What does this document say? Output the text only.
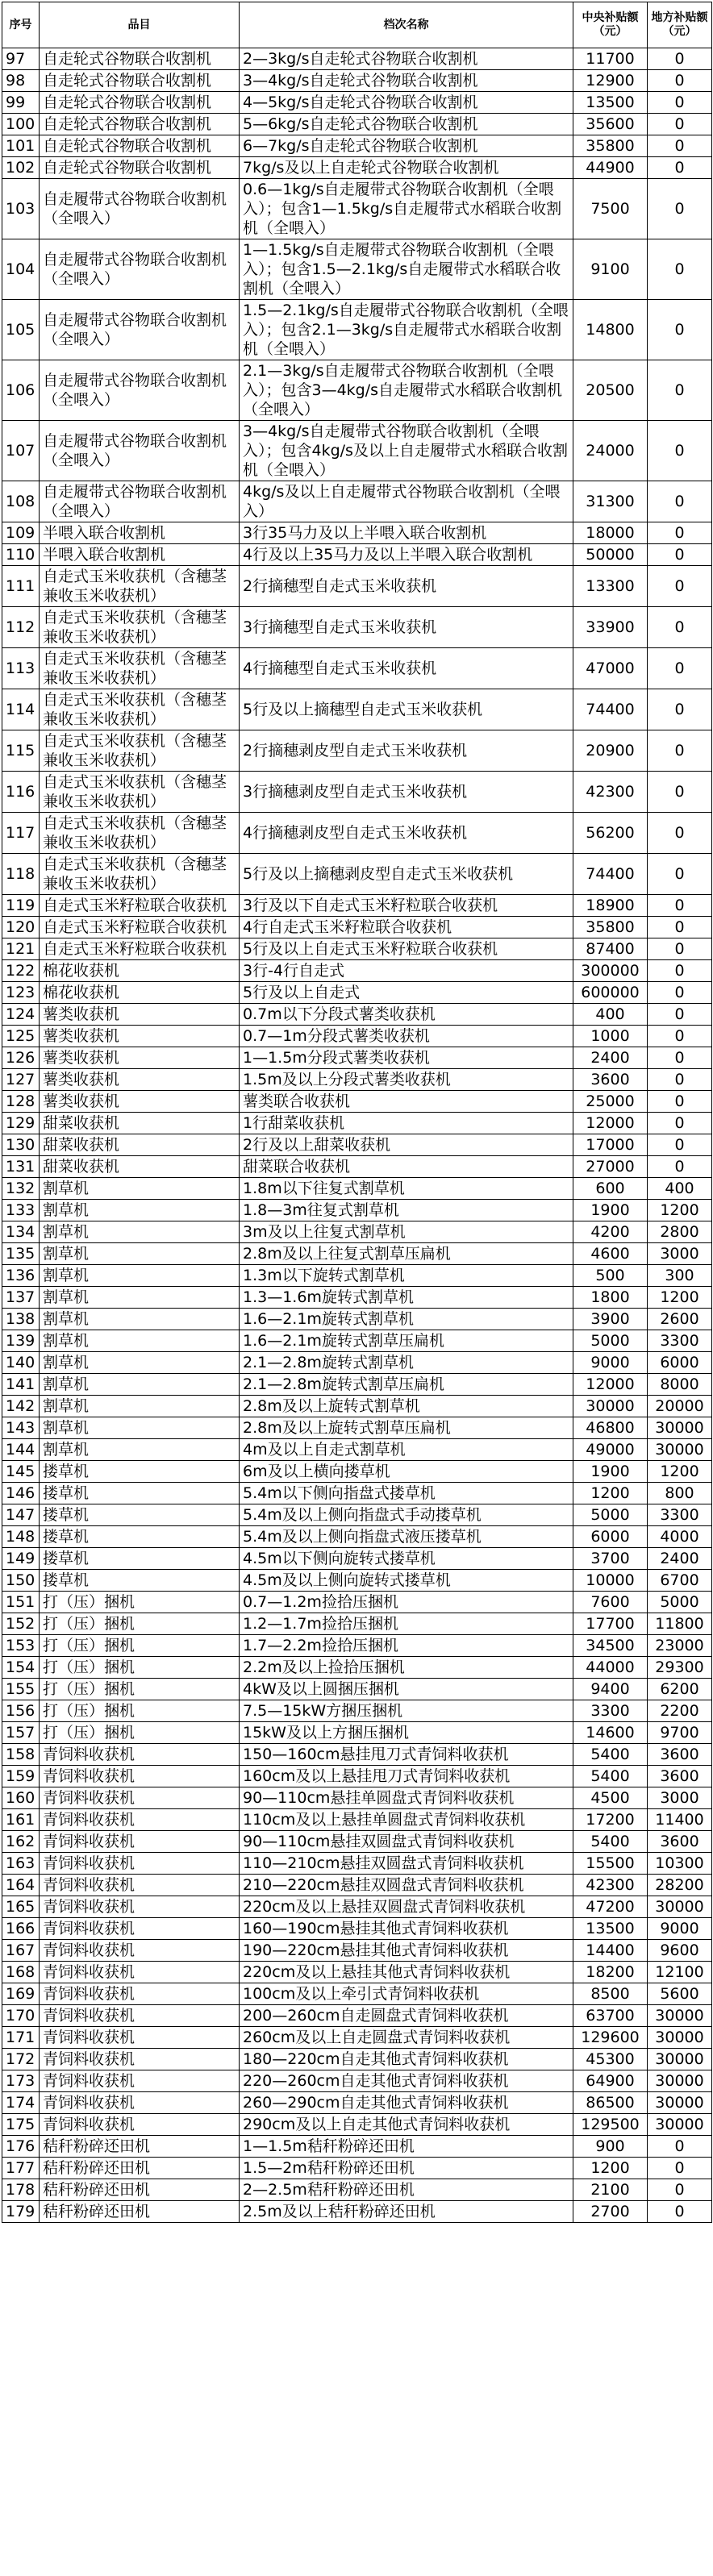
序号	品目	档次名称	中央补贴额（元）	地方补贴额（元）
97	自走轮式谷物联合收割机	2—3kg/s自走轮式谷物联合收割机	11700	0
98	自走轮式谷物联合收割机	3—4kg/s自走轮式谷物联合收割机	12900	0
99	自走轮式谷物联合收割机	4—5kg/s自走轮式谷物联合收割机	13500	0
100	自走轮式谷物联合收割机	5—6kg/s自走轮式谷物联合收割机	35600	0
101	自走轮式谷物联合收割机	6—7kg/s自走轮式谷物联合收割机	35800	0
102	自走轮式谷物联合收割机	7kg/s及以上自走轮式谷物联合收割机	44900	0
103	自走履带式谷物联合收割机（全喂入）	0.6—1kg/s自走履带式谷物联合收割机（全喂入）；包含1—1.5kg/s自走履带式水稻联合收割机（全喂入）	7500	0
104	自走履带式谷物联合收割机（全喂入）	1—1.5kg/s自走履带式谷物联合收割机（全喂入）；包含1.5—2.1kg/s自走履带式水稻联合收割机（全喂入）	9100	0
105	自走履带式谷物联合收割机（全喂入）	1.5—2.1kg/s自走履带式谷物联合收割机（全喂入）；包含2.1—3kg/s自走履带式水稻联合收割机（全喂入）	14800	0
106	自走履带式谷物联合收割机（全喂入）	2.1—3kg/s自走履带式谷物联合收割机（全喂入）；包含3—4kg/s自走履带式水稻联合收割机（全喂入）	20500	0
107	自走履带式谷物联合收割机（全喂入）	3—4kg/s自走履带式谷物联合收割机（全喂入）；包含4kg/s及以上自走履带式水稻联合收割机（全喂入）	24000	0
108	自走履带式谷物联合收割机（全喂入）	4kg/s及以上自走履带式谷物联合收割机（全喂入）	31300	0
109	半喂入联合收割机	3行35马力及以上半喂入联合收割机	18000	0
110	半喂入联合收割机	4行及以上35马力及以上半喂入联合收割机	50000	0
111	自走式玉米收获机（含穗茎兼收玉米收获机）	2行摘穗型自走式玉米收获机	13300	0
112	自走式玉米收获机（含穗茎兼收玉米收获机）	3行摘穗型自走式玉米收获机	33900	0
113	自走式玉米收获机（含穗茎兼收玉米收获机）	4行摘穗型自走式玉米收获机	47000	0
114	自走式玉米收获机（含穗茎兼收玉米收获机）	5行及以上摘穗型自走式玉米收获机	74400	0
115	自走式玉米收获机（含穗茎兼收玉米收获机）	2行摘穗剥皮型自走式玉米收获机	20900	0
116	自走式玉米收获机（含穗茎兼收玉米收获机）	3行摘穗剥皮型自走式玉米收获机	42300	0
117	自走式玉米收获机（含穗茎兼收玉米收获机）	4行摘穗剥皮型自走式玉米收获机	56200	0
118	自走式玉米收获机（含穗茎兼收玉米收获机）	5行及以上摘穗剥皮型自走式玉米收获机	74400	0
119	自走式玉米籽粒联合收获机	3行及以下自走式玉米籽粒联合收获机	18900	0
120	自走式玉米籽粒联合收获机	4行自走式玉米籽粒联合收获机	35800	0
121	自走式玉米籽粒联合收获机	5行及以上自走式玉米籽粒联合收获机	87400	0
122	棉花收获机	3行-4行自走式	300000	0
123	棉花收获机	5行及以上自走式	600000	0
124	薯类收获机	0.7m以下分段式薯类收获机	400	0
125	薯类收获机	0.7—1m分段式薯类收获机	1000	0
126	薯类收获机	1—1.5m分段式薯类收获机	2400	0
127	薯类收获机	1.5m及以上分段式薯类收获机	3600	0
128	薯类收获机	薯类联合收获机	25000	0
129	甜菜收获机	1行甜菜收获机	12000	0
130	甜菜收获机	2行及以上甜菜收获机	17000	0
131	甜菜收获机	甜菜联合收获机	27000	0
132	割草机	1.8m以下往复式割草机	600	400
133	割草机	1.8—3m往复式割草机	1900	1200
134	割草机	3m及以上往复式割草机	4200	2800
135	割草机	2.8m及以上往复式割草压扁机	4600	3000
136	割草机	1.3m以下旋转式割草机	500	300
137	割草机	1.3—1.6m旋转式割草机	1800	1200
138	割草机	1.6—2.1m旋转式割草机	3900	2600
139	割草机	1.6—2.1m旋转式割草压扁机	5000	3300
140	割草机	2.1—2.8m旋转式割草机	9000	6000
141	割草机	2.1—2.8m旋转式割草压扁机	12000	8000
142	割草机	2.8m及以上旋转式割草机	30000	20000
143	割草机	2.8m及以上旋转式割草压扁机	46800	30000
144	割草机	4m及以上自走式割草机	49000	30000
145	搂草机	6m及以上横向搂草机	1900	1200
146	搂草机	5.4m以下侧向指盘式搂草机	1200	800
147	搂草机	5.4m及以上侧向指盘式手动搂草机	5000	3300
148	搂草机	5.4m及以上侧向指盘式液压搂草机	6000	4000
149	搂草机	4.5m以下侧向旋转式搂草机	3700	2400
150	搂草机	4.5m及以上侧向旋转式搂草机	10000	6700
151	打（压）捆机	0.7—1.2m捡拾压捆机	7600	5000
152	打（压）捆机	1.2—1.7m捡拾压捆机	17700	11800
153	打（压）捆机	1.7—2.2m捡拾压捆机	34500	23000
154	打（压）捆机	2.2m及以上捡拾压捆机	44000	29300
155	打（压）捆机	4kW及以上圆捆压捆机	9400	6200
156	打（压）捆机	7.5—15kW方捆压捆机	3300	2200
157	打（压）捆机	15kW及以上方捆压捆机	14600	9700
158	青饲料收获机	150—160cm悬挂甩刀式青饲料收获机	5400	3600
159	青饲料收获机	160cm及以上悬挂甩刀式青饲料收获机	5400	3600
160	青饲料收获机	90—110cm悬挂单圆盘式青饲料收获机	4500	3000
161	青饲料收获机	110cm及以上悬挂单圆盘式青饲料收获机	17200	11400
162	青饲料收获机	90—110cm悬挂双圆盘式青饲料收获机	5400	3600
163	青饲料收获机	110—210cm悬挂双圆盘式青饲料收获机	15500	10300
164	青饲料收获机	210—220cm悬挂双圆盘式青饲料收获机	42300	28200
165	青饲料收获机	220cm及以上悬挂双圆盘式青饲料收获机	47200	30000
166	青饲料收获机	160—190cm悬挂其他式青饲料收获机	13500	9000
167	青饲料收获机	190—220cm悬挂其他式青饲料收获机	14400	9600
168	青饲料收获机	220cm及以上悬挂其他式青饲料收获机	18200	12100
169	青饲料收获机	100cm及以上牵引式青饲料收获机	8500	5600
170	青饲料收获机	200—260cm自走圆盘式青饲料收获机	63700	30000
171	青饲料收获机	260cm及以上自走圆盘式青饲料收获机	129600	30000
172	青饲料收获机	180—220cm自走其他式青饲料收获机	45300	30000
173	青饲料收获机	220—260cm自走其他式青饲料收获机	64900	30000
174	青饲料收获机	260—290cm自走其他式青饲料收获机	86500	30000
175	青饲料收获机	290cm及以上自走其他式青饲料收获机	129500	30000
176	秸秆粉碎还田机	1—1.5m秸秆粉碎还田机	900	0
177	秸秆粉碎还田机	1.5—2m秸秆粉碎还田机	1200	0
178	秸秆粉碎还田机	2—2.5m秸秆粉碎还田机	2100	0
179	秸秆粉碎还田机	2.5m及以上秸秆粉碎还田机	2700	0
